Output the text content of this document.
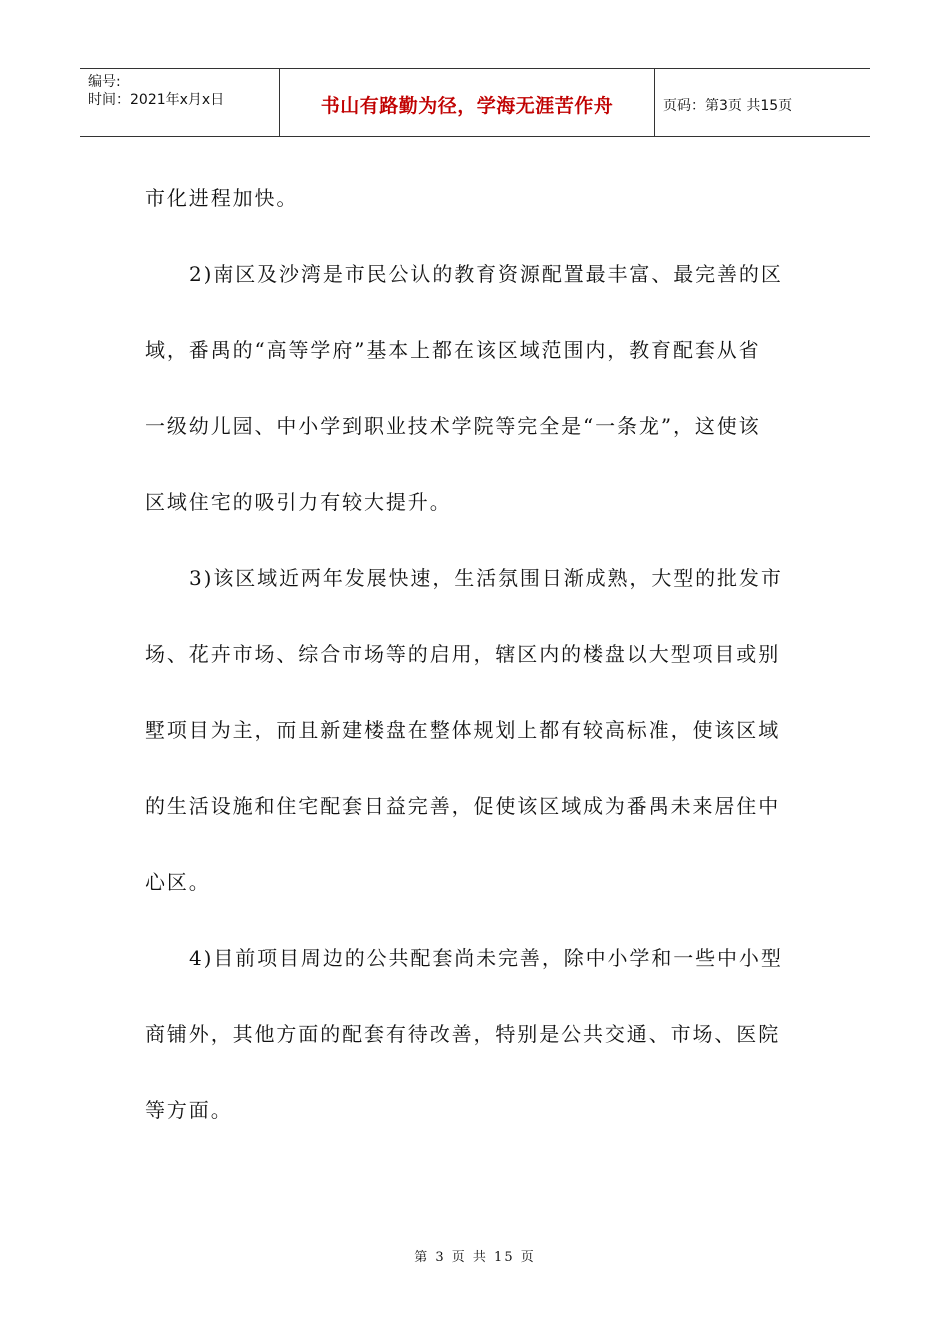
编号:
时间：2021年x月x日	书山有路勤为径，学海无涯苦作舟	页码：第3页 共15页

市化进程加快。

2)南区及沙湾是市民公认的教育资源配置最丰富、最完善的区
域，番禺的“高等学府”基本上都在该区域范围内，教育配套从省
一级幼儿园、中小学到职业技术学院等完全是“一条龙”，这使该
区域住宅的吸引力有较大提升。

3)该区域近两年发展快速，生活氛围日渐成熟，大型的批发市
场、花卉市场、综合市场等的启用，辖区内的楼盘以大型项目或别
墅项目为主，而且新建楼盘在整体规划上都有较高标准，使该区域
的生活设施和住宅配套日益完善，促使该区域成为番禺未来居住中
心区。

4)目前项目周边的公共配套尚未完善，除中小学和一些中小型
商铺外，其他方面的配套有待改善，特别是公共交通、市场、医院
等方面。

第 3 页 共 15 页
